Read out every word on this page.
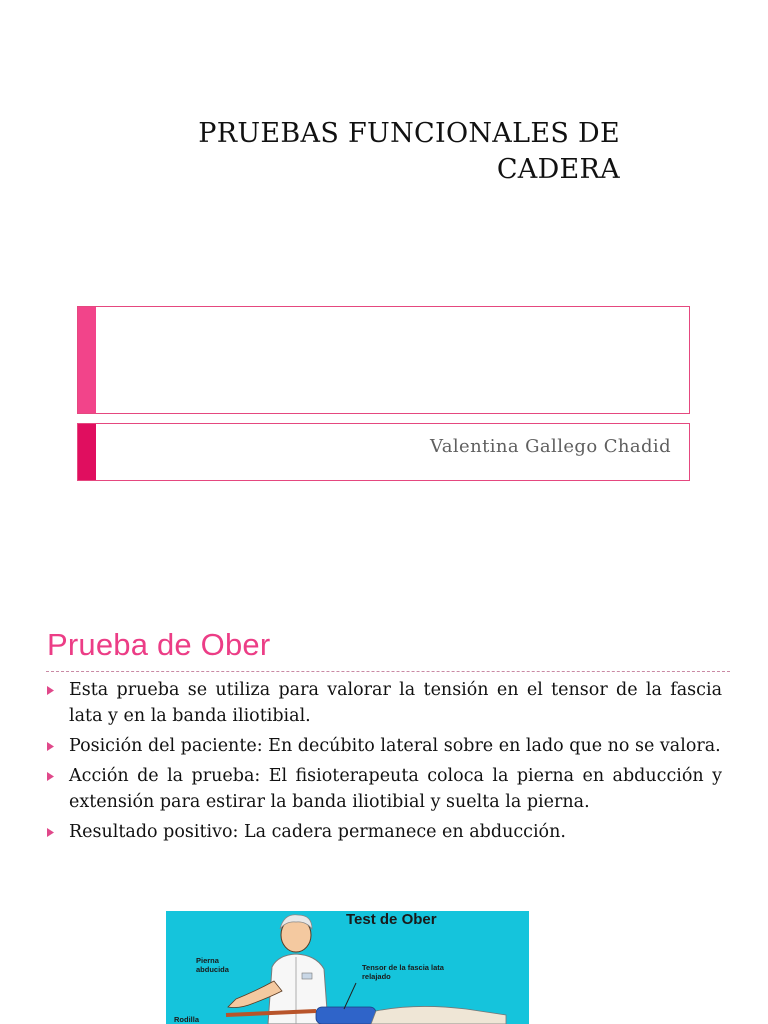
PRUEBAS FUNCIONALES DE
CADERA
Valentina Gallego Chadid
Prueba de Ober
Esta prueba se utiliza para valorar la tensión en el tensor de la fascia lata y en la banda iliotibial.
Posición del paciente: En decúbito lateral sobre en lado que no se valora.
Acción de la prueba: El fisioterapeuta coloca la pierna en abducción y extensión para estirar la banda iliotibial y suelta la pierna.
Resultado positivo: La cadera permanece en abducción.
Test de Ober
Pierna abducida	Tensor de la fascia lata relajado
Rodilla
